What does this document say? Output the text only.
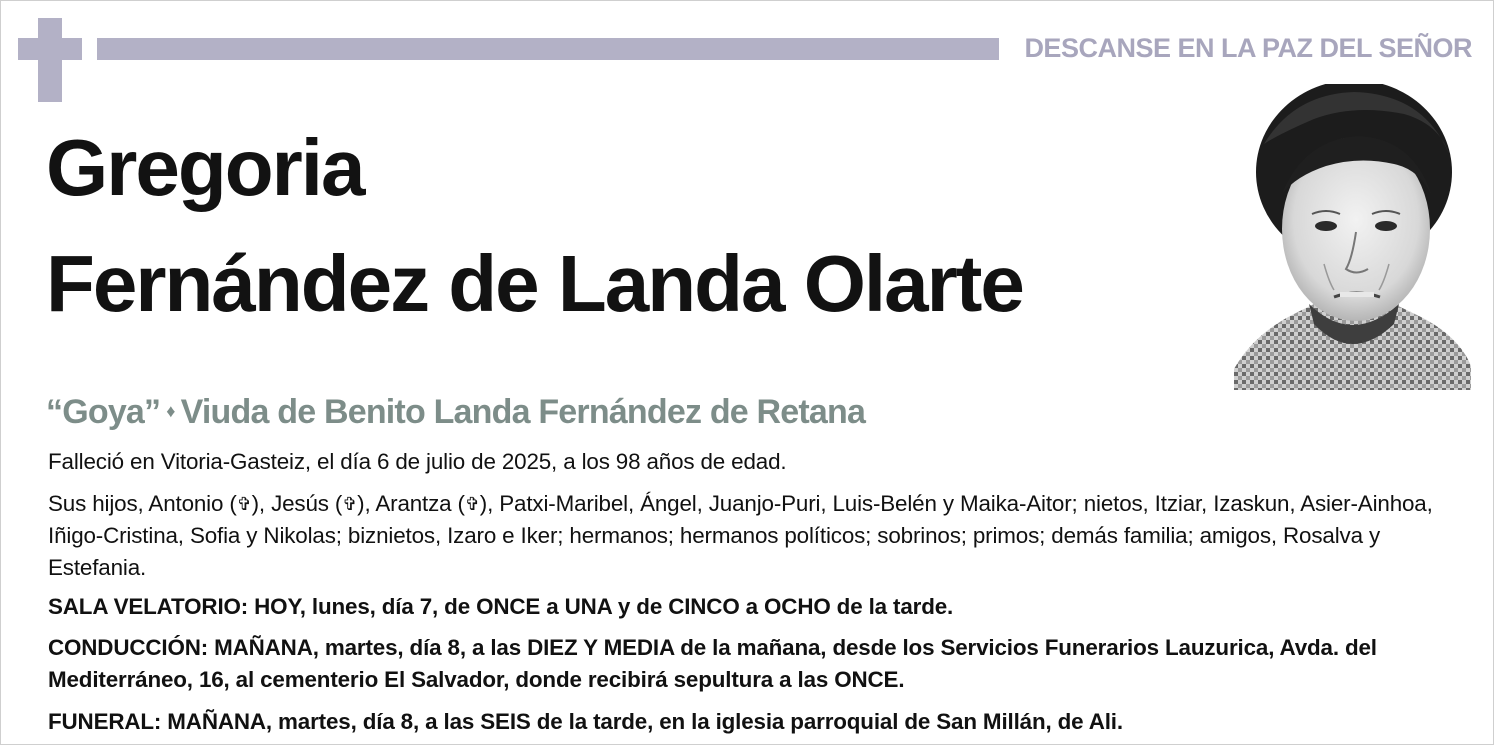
DESCANSE EN LA PAZ DEL SEÑOR
Gregoria
Fernández de Landa Olarte
“Goya” ♦ Viuda de Benito Landa Fernández de Retana
Falleció en Vitoria-Gasteiz, el día 6 de julio de 2025, a los 98 años de edad.
Sus hijos, Antonio (✞), Jesús (✞), Arantza (✞), Patxi-Maribel, Ángel, Juanjo-Puri, Luis-Belén y Maika-Aitor; nietos, Itziar, Izaskun, Asier-Ainhoa, Iñigo-Cristina, Sofia y Nikolas; biznietos, Izaro e Iker; hermanos; hermanos políticos; sobrinos; primos; demás familia; amigos, Rosalva y Estefania.
SALA VELATORIO: HOY, lunes, día 7, de ONCE a UNA y de CINCO a OCHO de la tarde.
CONDUCCIÓN: MAÑANA, martes, día 8, a las DIEZ Y MEDIA de la mañana, desde los Servicios Funerarios Lauzurica, Avda. del Mediterráneo, 16, al cementerio El Salvador, donde recibirá sepultura a las ONCE.
FUNERAL: MAÑANA, martes, día 8, a las SEIS de la tarde, en la iglesia parroquial de San Millán, de Ali.
